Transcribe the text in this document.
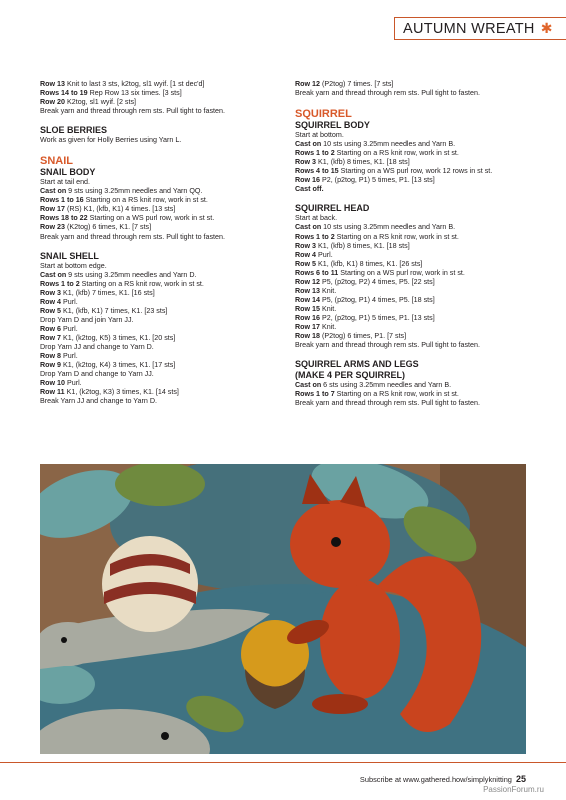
AUTUMN WREATH ✱
Row 13 Knit to last 3 sts, k2tog, sl1 wyif. [1 st dec'd]
Rows 14 to 19 Rep Row 13 six times. [3 sts]
Row 20 K2tog, sl1 wyif. [2 sts]
Break yarn and thread through rem sts. Pull tight to fasten.
SLOE BERRIES
Work as given for Holly Berries using Yarn L.
SNAIL
SNAIL BODY
Start at tail end.
Cast on 9 sts using 3.25mm needles and Yarn QQ.
Rows 1 to 16 Starting on a RS knit row, work in st st.
Row 17 (RS) K1, (kfb, K1) 4 times. [13 sts]
Rows 18 to 22 Starting on a WS purl row, work in st st.
Row 23 (K2tog) 6 times, K1. [7 sts]
Break yarn and thread through rem sts. Pull tight to fasten.
SNAIL SHELL
Start at bottom edge.
Cast on 9 sts using 3.25mm needles and Yarn D.
Rows 1 to 2 Starting on a RS knit row, work in st st.
Row 3 K1, (kfb) 7 times, K1. [16 sts]
Row 4 Purl.
Row 5 K1, (kfb, K1) 7 times, K1. [23 sts]
Drop Yarn D and join Yarn JJ.
Row 6 Purl.
Row 7 K1, (k2tog, K5) 3 times, K1. [20 sts]
Drop Yarn JJ and change to Yarn D.
Row 8 Purl.
Row 9 K1, (k2tog, K4) 3 times, K1. [17 sts]
Drop Yarn D and change to Yarn JJ.
Row 10 Purl.
Row 11 K1, (k2tog, K3) 3 times, K1. [14 sts]
Break Yarn JJ and change to Yarn D.
Row 12 (P2tog) 7 times. [7 sts]
Break yarn and thread through rem sts. Pull tight to fasten.
SQUIRREL
SQUIRREL BODY
Start at bottom.
Cast on 10 sts using 3.25mm needles and Yarn B.
Rows 1 to 2 Starting on a RS knit row, work in st st.
Row 3 K1, (kfb) 8 times, K1. [18 sts]
Rows 4 to 15 Starting on a WS purl row, work 12 rows in st st.
Row 16 P2, (p2tog, P1) 5 times, P1. [13 sts]
Cast off.
SQUIRREL HEAD
Start at back.
Cast on 10 sts using 3.25mm needles and Yarn B.
Rows 1 to 2 Starting on a RS knit row, work in st st.
Row 3 K1, (kfb) 8 times, K1. [18 sts]
Row 4 Purl.
Row 5 K1, (kfb, K1) 8 times, K1. [26 sts]
Rows 6 to 11 Starting on a WS purl row, work in st st.
Row 12 P5, (p2tog, P2) 4 times, P5. [22 sts]
Row 13 Knit.
Row 14 P5, (p2tog, P1) 4 times, P5. [18 sts]
Row 15 Knit.
Row 16 P2, (p2tog, P1) 5 times, P1. [13 sts]
Row 17 Knit.
Row 18 (P2tog) 6 times, P1. [7 sts]
Break yarn and thread through rem sts. Pull tight to fasten.
SQUIRREL ARMS AND LEGS
(MAKE 4 PER SQUIRREL)
Cast on 6 sts using 3.25mm needles and Yarn B.
Rows 1 to 7 Starting on a RS knit row, work in st st.
Break yarn and thread through rem sts. Pull tight to fasten.
Subscribe at www.gathered.how/simplyknitting 25
PassionForum.ru
